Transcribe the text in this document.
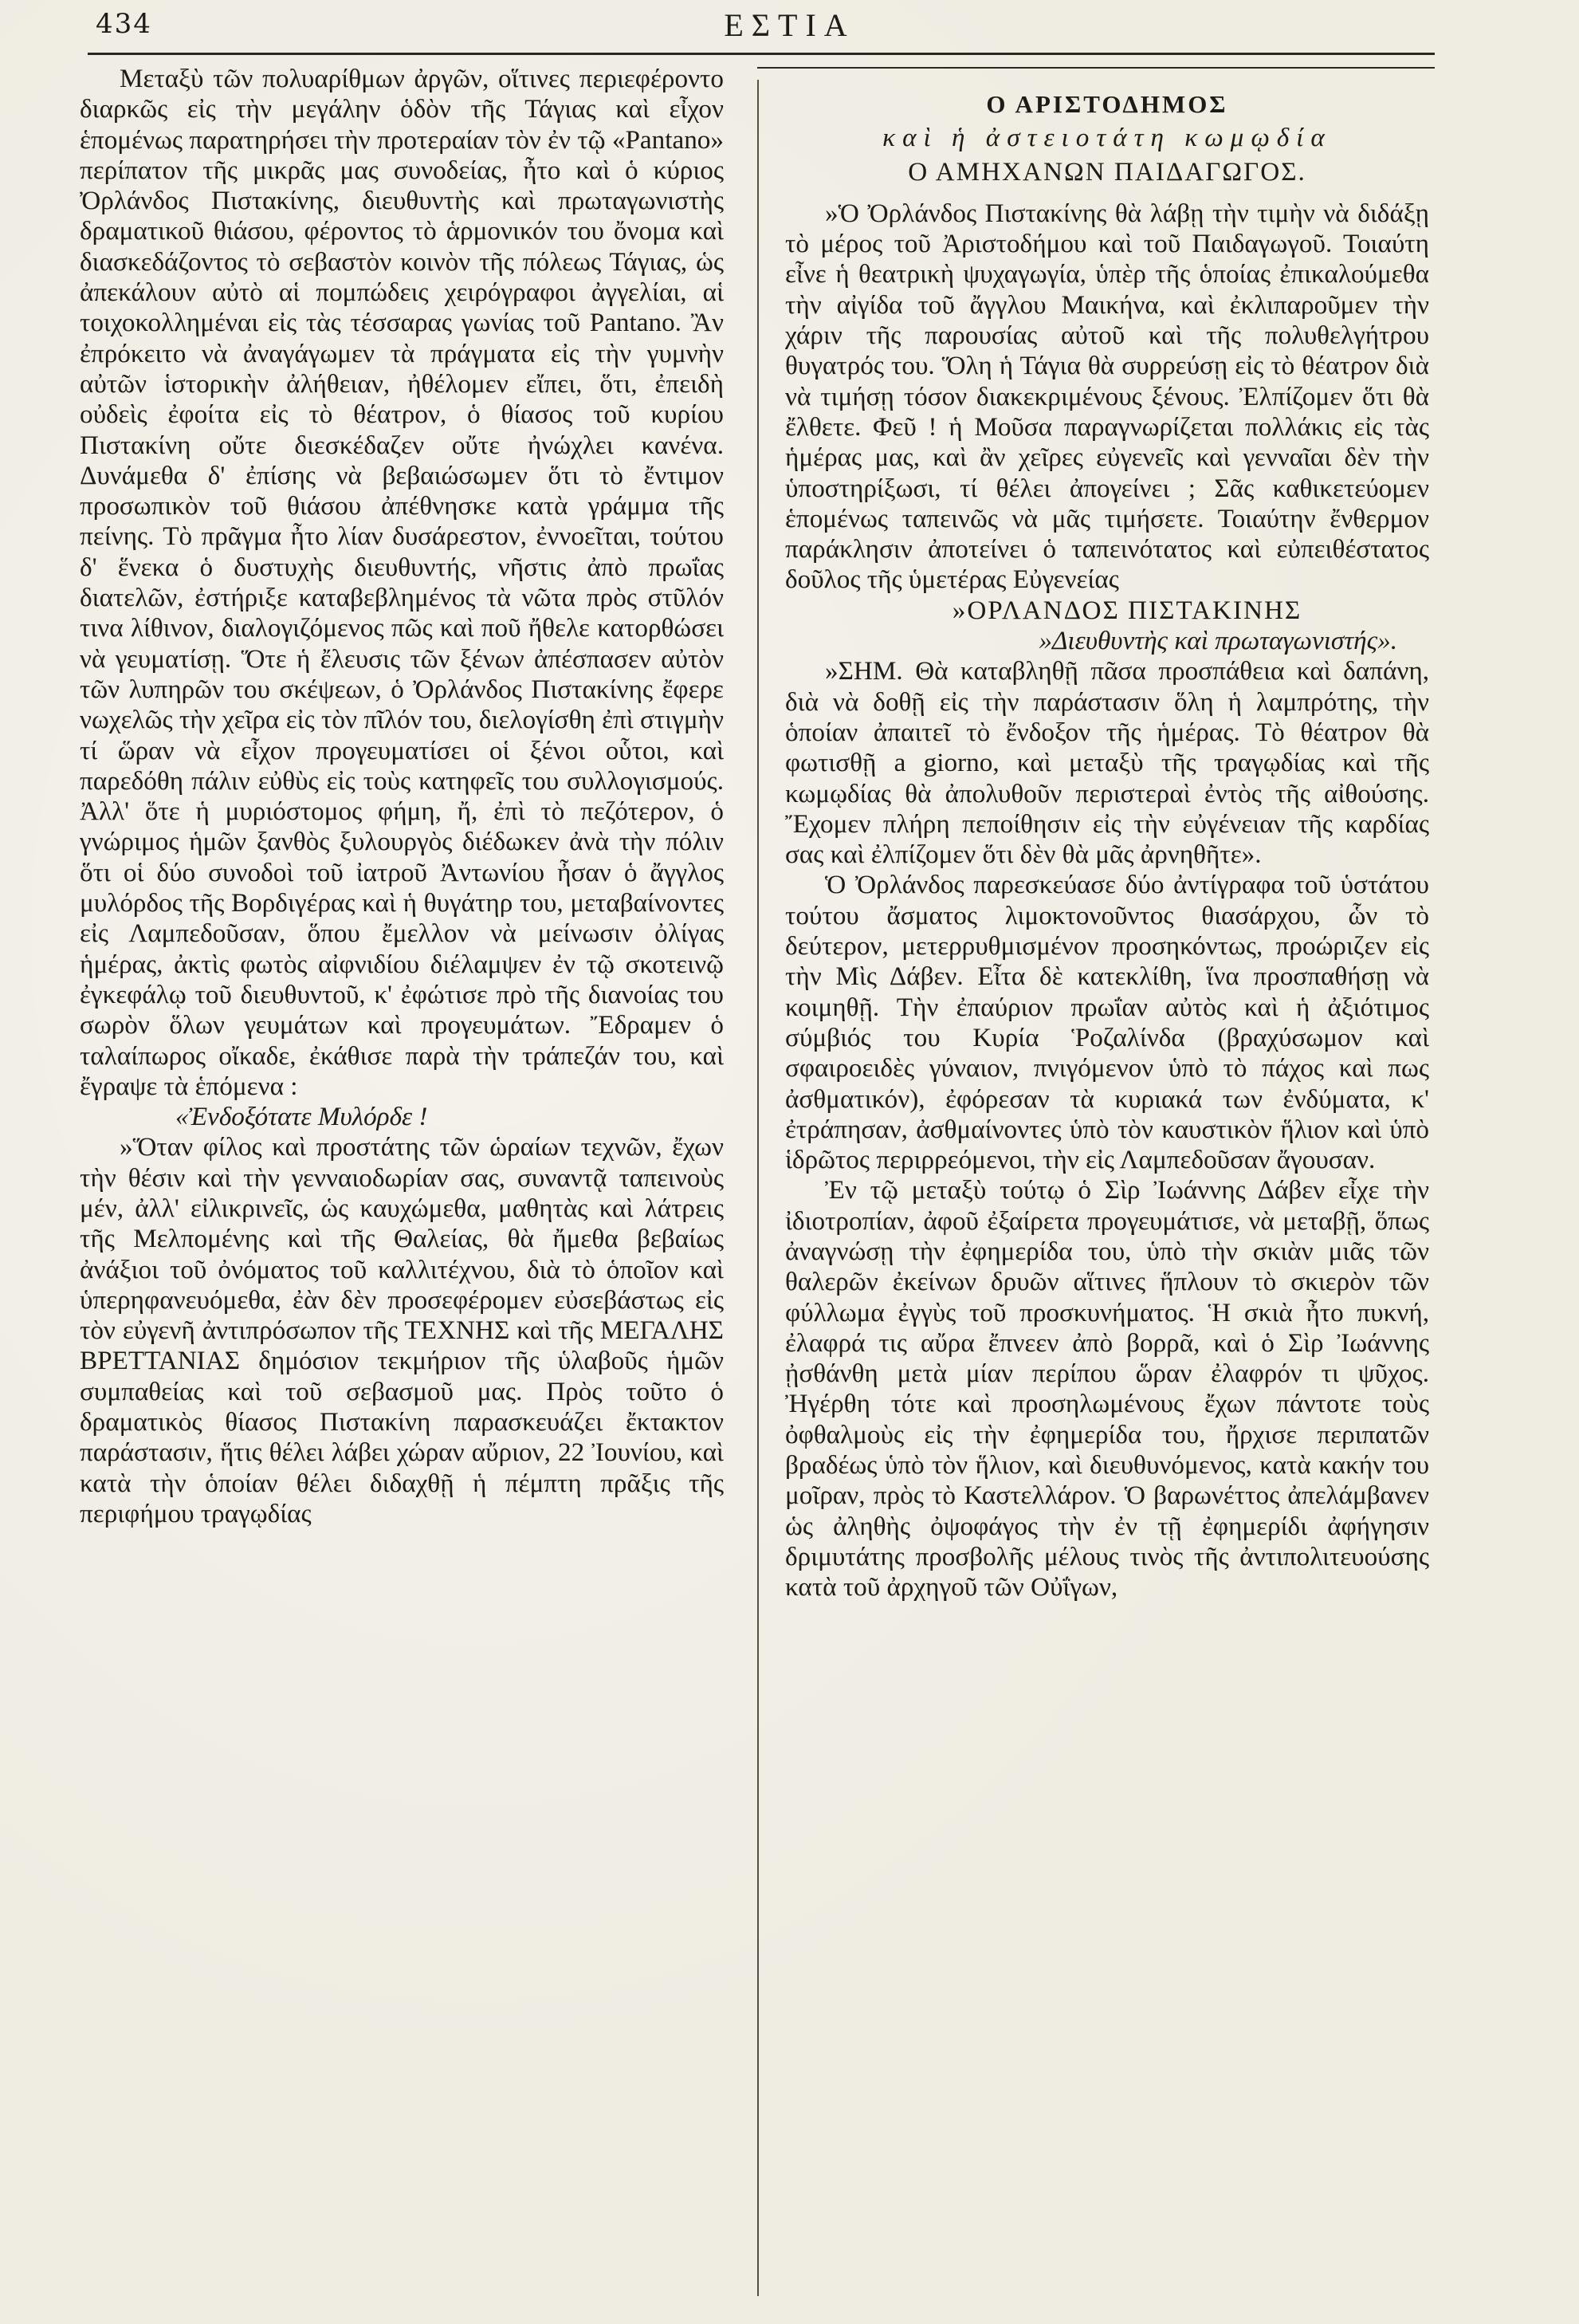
434	ΕΣΤΙΑ

Μεταξὺ τῶν πολυαρίθμων ἀργῶν, οἵτινες περιεφέροντο διαρκῶς εἰς τὴν μεγάλην ὁδὸν τῆς Τάγιας καὶ εἶχον ἑπομένως παρατηρήσει τὴν προτεραίαν τὸν ἐν τῷ «Pantano» περίπατον τῆς μικρᾶς μας συνοδείας, ἦτο καὶ ὁ κύριος Ὀρλάνδος Πιστακίνης, διευθυντὴς καὶ πρωταγωνιστὴς δραματικοῦ θιάσου, φέροντος τὸ ἁρμονικόν του ὄνομα καὶ διασκεδάζοντος τὸ σεβαστὸν κοινὸν τῆς πόλεως Τάγιας, ὡς ἀπεκάλουν αὐτὸ αἱ πομπώδεις χειρόγραφοι ἀγγελίαι, αἱ τοιχοκολλημέναι εἰς τὰς τέσσαρας γωνίας τοῦ Pantano. Ἂν ἐπρόκειτο νὰ ἀναγάγωμεν τὰ πράγματα εἰς τὴν γυμνὴν αὐτῶν ἱστορικὴν ἀλήθειαν, ἠθέλομεν εἴπει, ὅτι, ἐπειδὴ οὐδεὶς ἐφοίτα εἰς τὸ θέατρον, ὁ θίασος τοῦ κυρίου Πιστακίνη οὔτε διεσκέδαζεν οὔτε ἠνώχλει κανένα. Δυνάμεθα δ' ἐπίσης νὰ βεβαιώσωμεν ὅτι τὸ ἔντιμον προσωπικὸν τοῦ θιάσου ἀπέθνησκε κατὰ γράμμα τῆς πείνης. Τὸ πρᾶγμα ἦτο λίαν δυσάρεστον, ἐννοεῖται, τούτου δ' ἕνεκα ὁ δυστυχὴς διευθυντής, νῆστις ἀπὸ πρωΐας διατελῶν, ἐστήριξε καταβεβλημένος τὰ νῶτα πρὸς στῦλόν τινα λίθινον, διαλογιζόμενος πῶς καὶ ποῦ ἤθελε κατορθώσει νὰ γευματίσῃ. Ὅτε ἡ ἔλευσις τῶν ξένων ἀπέσπασεν αὐτὸν τῶν λυπηρῶν του σκέψεων, ὁ Ὀρλάνδος Πιστακίνης ἔφερε νωχελῶς τὴν χεῖρα εἰς τὸν πῖλόν του, διελογίσθη ἐπὶ στιγμὴν τί ὥραν νὰ εἶχον προγευματίσει οἱ ξένοι οὗτοι, καὶ παρεδόθη πάλιν εὐθὺς εἰς τοὺς κατηφεῖς του συλλογισμούς. Ἀλλ' ὅτε ἡ μυριόστομος φήμη, ἤ, ἐπὶ τὸ πεζότερον, ὁ γνώριμος ἡμῶν ξανθὸς ξυλουργὸς διέδωκεν ἀνὰ τὴν πόλιν ὅτι οἱ δύο συνοδοὶ τοῦ ἰατροῦ Ἀντωνίου ἦσαν ὁ ἄγγλος μυλόρδος τῆς Βορδιγέρας καὶ ἡ θυγάτηρ του, μεταβαίνοντες εἰς Λαμπεδοῦσαν, ὅπου ἔμελλον νὰ μείνωσιν ὀλίγας ἡμέρας, ἀκτὶς φωτὸς αἰφνιδίου διέλαμψεν ἐν τῷ σκοτεινῷ ἐγκεφάλῳ τοῦ διευθυντοῦ, κ' ἐφώτισε πρὸ τῆς διανοίας του σωρὸν ὅλων γευμάτων καὶ προγευμάτων. Ἔδραμεν ὁ ταλαίπωρος οἴκαδε, ἐκάθισε παρὰ τὴν τράπεζάν του, καὶ ἔγραψε τὰ ἑπόμενα :

«Ἐνδοξότατε Μυλόρδε !

»Ὅταν φίλος καὶ προστάτης τῶν ὡραίων τεχνῶν, ἔχων τὴν θέσιν καὶ τὴν γενναιοδωρίαν σας, συναντᾷ ταπεινοὺς μέν, ἀλλ' εἰλικρινεῖς, ὡς καυχώμεθα, μαθητὰς καὶ λάτρεις τῆς Μελπομένης καὶ τῆς Θαλείας, θὰ ἤμεθα βεβαίως ἀνάξιοι τοῦ ὀνόματος τοῦ καλλιτέχνου, διὰ τὸ ὁποῖον καὶ ὑπερηφανευόμεθα, ἐὰν δὲν προσεφέρομεν εὐσεβάστως εἰς τὸν εὐγενῆ ἀντιπρόσωπον τῆς ΤΕΧΝΗΣ καὶ τῆς ΜΕΓΑΛΗΣ ΒΡΕΤΤΑΝΙΑΣ δημόσιον τεκμήριον τῆς ὑλαβοῦς ἡμῶν συμπαθείας καὶ τοῦ σεβασμοῦ μας. Πρὸς τοῦτο ὁ δραματικὸς θίασος Πιστακίνη παρασκευάζει ἔκτακτον παράστασιν, ἥτις θέλει λάβει χώραν αὔριον, 22 Ἰουνίου, καὶ κατὰ τὴν ὁποίαν θέλει διδαχθῇ ἡ πέμπτη πρᾶξις τῆς περιφήμου τραγῳδίας

Ο ΑΡΙΣΤΟΔΗΜΟΣ
καὶ ἡ ἀστειοτάτη κωμῳδία
Ο ΑΜΗΧΑΝΩΝ ΠΑΙΔΑΓΩΓΟΣ.

»Ὁ Ὀρλάνδος Πιστακίνης θὰ λάβῃ τὴν τιμὴν νὰ διδάξῃ τὸ μέρος τοῦ Ἀριστοδήμου καὶ τοῦ Παιδαγωγοῦ. Τοιαύτη εἶνε ἡ θεατρικὴ ψυχαγωγία, ὑπὲρ τῆς ὁποίας ἐπικαλούμεθα τὴν αἰγίδα τοῦ ἄγγλου Μαικήνα, καὶ ἐκλιπαροῦμεν τὴν χάριν τῆς παρουσίας αὐτοῦ καὶ τῆς πολυθελγήτρου θυγατρός του. Ὅλη ἡ Τάγια θὰ συρρεύσῃ εἰς τὸ θέατρον διὰ νὰ τιμήσῃ τόσον διακεκριμένους ξένους. Ἐλπίζομεν ὅτι θὰ ἔλθετε. Φεῦ ! ἡ Μοῦσα παραγνωρίζεται πολλάκις εἰς τὰς ἡμέρας μας, καὶ ἂν χεῖρες εὐγενεῖς καὶ γενναῖαι δὲν τὴν ὑποστηρίξωσι, τί θέλει ἀπογείνει ; Σᾶς καθικετεύομεν ἑπομένως ταπεινῶς νὰ μᾶς τιμήσετε. Τοιαύτην ἔνθερμον παράκλησιν ἀποτείνει ὁ ταπεινότατος καὶ εὐπειθέστατος δοῦλος τῆς ὑμετέρας Εὐγενείας

»ΟΡΛΑΝΔΟΣ ΠΙΣΤΑΚΙΝΗΣ

»Διευθυντὴς καὶ πρωταγωνιστής».

»ΣΗΜ. Θὰ καταβληθῇ πᾶσα προσπάθεια καὶ δαπάνη, διὰ νὰ δοθῇ εἰς τὴν παράστασιν ὅλη ἡ λαμπρότης, τὴν ὁποίαν ἀπαιτεῖ τὸ ἔνδοξον τῆς ἡμέρας. Τὸ θέατρον θὰ φωτισθῇ a giorno, καὶ μεταξὺ τῆς τραγῳδίας καὶ τῆς κωμῳδίας θὰ ἀπολυθοῦν περιστεραὶ ἐντὸς τῆς αἰθούσης. Ἔχομεν πλήρη πεποίθησιν εἰς τὴν εὐγένειαν τῆς καρδίας σας καὶ ἐλπίζομεν ὅτι δὲν θὰ μᾶς ἀρνηθῆτε».

Ὁ Ὀρλάνδος παρεσκεύασε δύο ἀντίγραφα τοῦ ὑστάτου τούτου ἄσματος λιμοκτονοῦντος θιασάρχου, ὧν τὸ δεύτερον, μετερρυθμισμένον προσηκόντως, προώριζεν εἰς τὴν Μὶς Δάβεν. Εἶτα δὲ κατεκλίθη, ἵνα προσπαθήσῃ νὰ κοιμηθῇ. Τὴν ἐπαύριον πρωΐαν αὐτὸς καὶ ἡ ἀξιότιμος σύμβιός του Κυρία Ῥοζαλίνδα (βραχύσωμον καὶ σφαιροειδὲς γύναιον, πνιγόμενον ὑπὸ τὸ πάχος καὶ πως ἀσθματικόν), ἐφόρεσαν τὰ κυριακά των ἐνδύματα, κ' ἐτράπησαν, ἀσθμαίνοντες ὑπὸ τὸν καυστικὸν ἥλιον καὶ ὑπὸ ἱδρῶτος περιρρεόμενοι, τὴν εἰς Λαμπεδοῦσαν ἄγουσαν.

Ἐν τῷ μεταξὺ τούτῳ ὁ Σὶρ Ἰωάννης Δάβεν εἶχε τὴν ἰδιοτροπίαν, ἀφοῦ ἐξαίρετα προγευμάτισε, νὰ μεταβῇ, ὅπως ἀναγνώσῃ τὴν ἐφημερίδα του, ὑπὸ τὴν σκιὰν μιᾶς τῶν θαλερῶν ἐκείνων δρυῶν αἵτινες ἥπλουν τὸ σκιερὸν τῶν φύλλωμα ἐγγὺς τοῦ προσκυνήματος. Ἡ σκιὰ ἦτο πυκνή, ἐλαφρά τις αὔρα ἔπνεεν ἀπὸ βορρᾶ, καὶ ὁ Σὶρ Ἰωάννης ᾐσθάνθη μετὰ μίαν περίπου ὥραν ἐλαφρόν τι ψῦχος. Ἠγέρθη τότε καὶ προσηλωμένους ἔχων πάντοτε τοὺς ὀφθαλμοὺς εἰς τὴν ἐφημερίδα του, ἤρχισε περιπατῶν βραδέως ὑπὸ τὸν ἥλιον, καὶ διευθυνόμενος, κατὰ κακήν του μοῖραν, πρὸς τὸ Καστελλάρον. Ὁ βαρωνέττος ἀπελάμβανεν ὡς ἀληθὴς ὀψοφάγος τὴν ἐν τῇ ἐφημερίδι ἀφήγησιν δριμυτάτης προσβολῆς μέλους τινὸς τῆς ἀντιπολιτευούσης κατὰ τοῦ ἀρχηγοῦ τῶν Οὐΐγων,
